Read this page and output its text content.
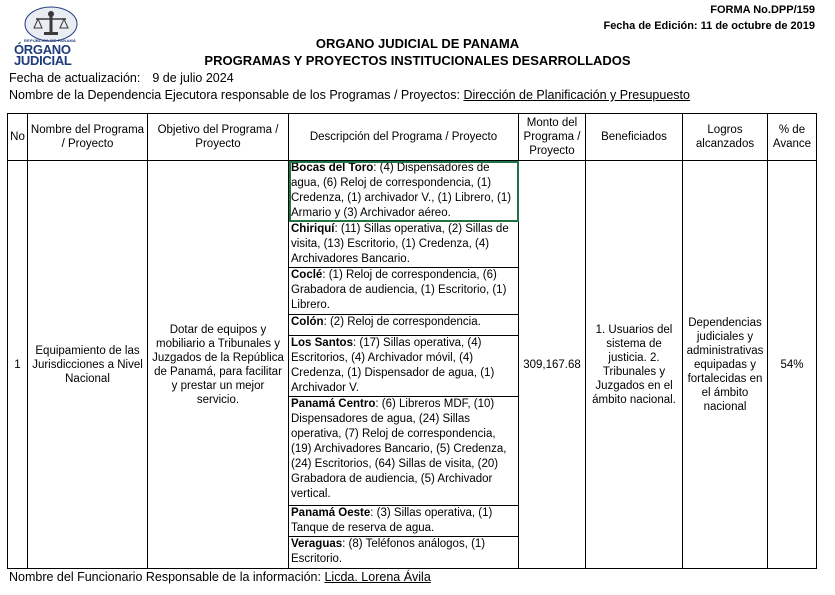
REPÚBLICA DE PANAMÁ
ÓRGANO
JUDICIAL
FORMA No.DPP/159
Fecha de Edición: 11 de octubre de 2019
ORGANO JUDICIAL DE PANAMA
PROGRAMAS Y PROYECTOS INSTITUCIONALES DESARROLLADOS
Fecha de actualización: 9 de julio 2024
Nombre de la Dependencia Ejecutora responsable de los Programas / Proyectos: Dirección de Planificación y Presupuesto
No	Nombre del Programa / Proyecto	Objetivo del Programa / Proyecto	Descripción del Programa / Proyecto	Monto del Programa / Proyecto	Beneficiados	Logros alcanzados	% de Avance
1	Equipamiento de las Jurisdicciones a Nivel Nacional	Dotar de equipos y mobiliario a Tribunales y Juzgados de la República de Panamá, para facilitar y prestar un mejor servicio.	Bocas del Toro: (4) Dispensadores de agua, (6) Reloj de correspondencia, (1) Credenza, (1) archivador V., (1) Librero, (1) Armario y (3) Archivador aéreo.	309,167.68	1. Usuarios del sistema de justicia. 2. Tribunales y Juzgados en el ámbito nacional.	Dependencias judiciales y administrativas equipadas y fortalecidas en el ámbito nacional	54%
			Chiriquí: (11) Sillas operativa, (2) Sillas de visita, (13) Escritorio, (1) Credenza, (4) Archivadores Bancario.				
			Coclé: (1) Reloj de correspondencia, (6) Grabadora de audiencia, (1) Escritorio, (1) Librero.				
			Colón: (2) Reloj de correspondencia.				
			Los Santos: (17) Sillas operativa, (4) Escritorios, (4) Archivador móvil, (4) Credenza, (1) Dispensador de agua, (1) Archivador V.				
			Panamá Centro: (6) Libreros MDF, (10) Dispensadores de agua, (24) Sillas operativa, (7) Reloj de correspondencia, (19) Archivadores Bancario, (5) Credenza, (24) Escritorios, (64) Sillas de visita, (20) Grabadora de audiencia, (5) Archivador vertical.				
			Panamá Oeste: (3) Sillas operativa, (1) Tanque de reserva de agua.				
			Veraguas: (8) Teléfonos análogos, (1) Escritorio.				
Nombre del Funcionario Responsable de la información: Licda. Lorena Ávila
